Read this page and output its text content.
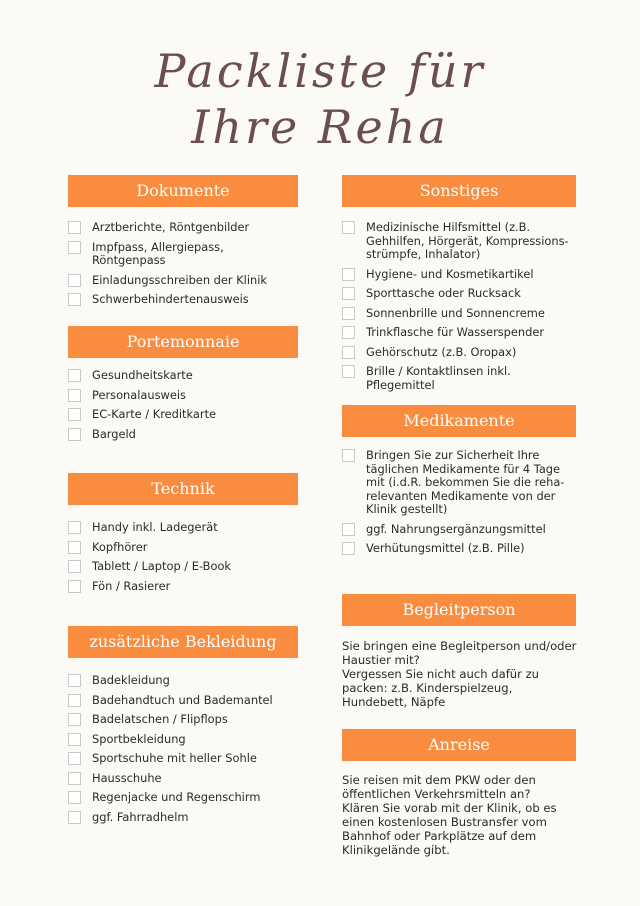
Packliste für
Ihre Reha
Dokumente
Arztberichte, Röntgenbilder
Impfpass, Allergiepass, Röntgenpass
Einladungsschreiben der Klinik
Schwerbehindertenausweis
Portemonnaie
Gesundheitskarte
Personalausweis
EC-Karte / Kreditkarte
Bargeld
Technik
Handy inkl. Ladegerät
Kopfhörer
Tablett / Laptop / E-Book
Fön / Rasierer
zusätzliche Bekleidung
Badekleidung
Badehandtuch und Bademantel
Badelatschen / Flipflops
Sportbekleidung
Sportschuhe mit heller Sohle
Hausschuhe
Regenjacke und Regenschirm
ggf. Fahrradhelm
Sonstiges
Medizinische Hilfsmittel (z.B. Gehhilfen, Hörgerät, Kompressions-strümpfe, Inhalator)
Hygiene- und Kosmetikartikel
Sporttasche oder Rucksack
Sonnenbrille und Sonnencreme
Trinkflasche für Wasserspender
Gehörschutz (z.B. Oropax)
Brille / Kontaktlinsen inkl. Pflegemittel
Medikamente
Bringen Sie zur Sicherheit Ihre täglichen Medikamente für 4 Tage mit (i.d.R. bekommen Sie die reha-relevanten Medikamente von der Klinik gestellt)
ggf. Nahrungsergänzungsmittel
Verhütungsmittel (z.B. Pille)
Begleitperson

Sie bringen eine Begleitperson und/oder Haustier mit?

Vergessen Sie nicht auch dafür zu packen: z.B. Kinderspielzeug, Hundebett, Näpfe

Anreise

Sie reisen mit dem PKW oder den öffentlichen Verkehrsmitteln an?

Klären Sie vorab mit der Klinik, ob es einen kostenlosen Bustransfer vom Bahnhof oder Parkplätze auf dem Klinikgelände gibt.
